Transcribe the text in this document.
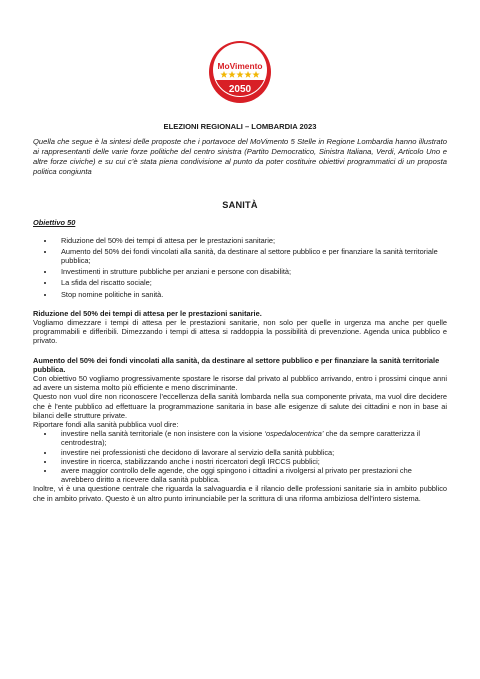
MoVimento
2050

ELEZIONI REGIONALI – LOMBARDIA 2023

Quella che segue è la sintesi delle proposte che i portavoce del MoVimento 5 Stelle in Regione Lombardia hanno illustrato ai rappresentanti delle varie forze politiche del centro sinistra (Partito Democratico, Sinistra Italiana, Verdi, Articolo Uno e altre forze civiche) e su cui c’è stata piena condivisione al punto da poter costituire obiettivi programmatici di un proposta politica congiunta

SANITÀ

Obiettivo 50

• Riduzione del 50% dei tempi di attesa per le prestazioni sanitarie;
• Aumento del 50% dei fondi vincolati alla sanità, da destinare al settore pubblico e per finanziare la sanità territoriale pubblica;
• Investimenti in strutture pubbliche per anziani e persone con disabilità;
• La sfida del riscatto sociale;
• Stop nomine politiche in sanità.

Riduzione del 50% dei tempi di attesa per le prestazioni sanitarie.

Vogliamo dimezzare i tempi di attesa per le prestazioni sanitarie, non solo per quelle in urgenza ma anche per quelle programmabili e differibili. Dimezzando i tempi di attesa si raddoppia la possibilità di prevenzione. Agenda unica pubblico e privato.

Aumento del 50% dei fondi vincolati alla sanità, da destinare al settore pubblico e per finanziare la sanità territoriale pubblica.

Con obiettivo 50 vogliamo progressivamente spostare le risorse dal privato al pubblico arrivando, entro i prossimi cinque anni ad avere un sistema molto più efficiente e meno discriminante.

Questo non vuol dire non riconoscere l’eccellenza della sanità lombarda nella sua componente privata, ma vuol dire decidere che è l’ente pubblico ad effettuare la programmazione sanitaria in base alle esigenze di salute dei cittadini e non in base ai bilanci delle strutture private.

Riportare fondi alla sanità pubblica vuol dire:

• investire nella sanità territoriale (e non insistere con la visione ‘ospedalocentrica’ che da sempre caratterizza il centrodestra);
• investire nei professionisti che decidono di lavorare al servizio della sanità pubblica;
• investire in ricerca, stabilizzando anche i nostri ricercatori degli IRCCS pubblici;
• avere maggior controllo delle agende, che oggi spingono i cittadini a rivolgersi al privato per prestazioni che avrebbero diritto a ricevere dalla sanità pubblica.

Inoltre, vi è una questione centrale che riguarda la salvaguardia e il rilancio delle professioni sanitarie sia in ambito pubblico che in ambito privato. Questo è un altro punto irrinunciabile per la scrittura di una riforma ambiziosa dell’intero sistema.
